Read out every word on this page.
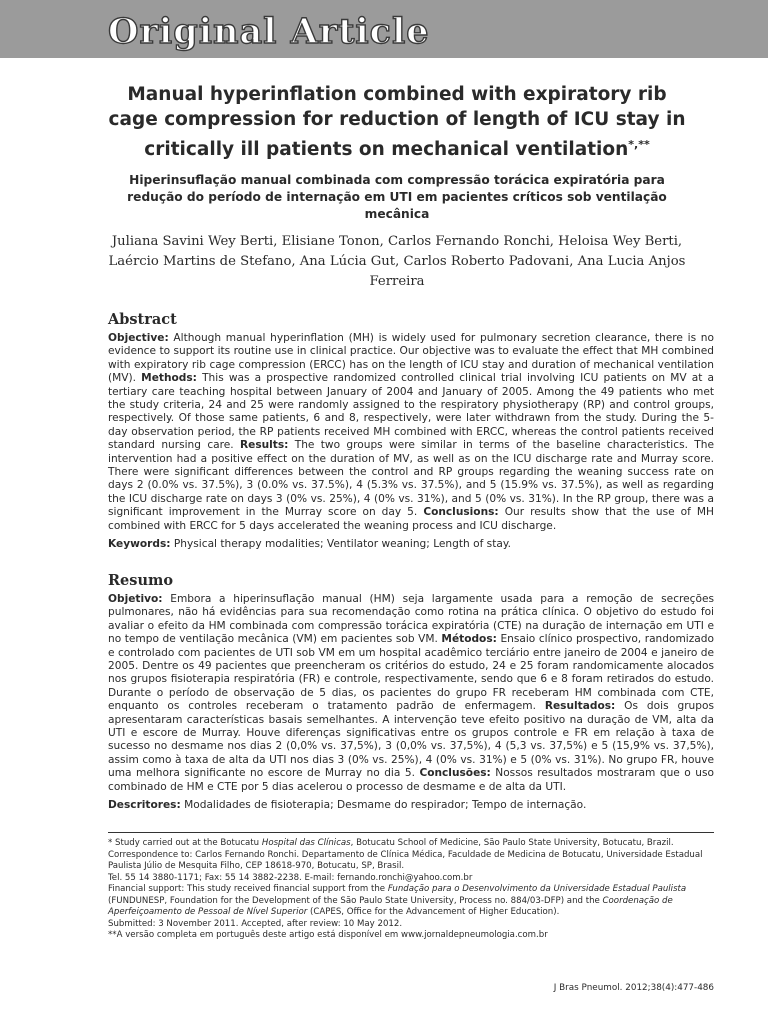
Original Article
Manual hyperinflation combined with expiratory rib cage compression for reduction of length of ICU stay in critically ill patients on mechanical ventilation*,**

Hiperinsuflação manual combinada com compressão torácica expiratória para redução do período de internação em UTI em pacientes críticos sob ventilação mecânica

Juliana Savini Wey Berti, Elisiane Tonon, Carlos Fernando Ronchi, Heloisa Wey Berti, Laércio Martins de Stefano, Ana Lúcia Gut, Carlos Roberto Padovani, Ana Lucia Anjos Ferreira
Abstract

Objective: Although manual hyperinflation (MH) is widely used for pulmonary secretion clearance, there is no evidence to support its routine use in clinical practice. Our objective was to evaluate the effect that MH combined with expiratory rib cage compression (ERCC) has on the length of ICU stay and duration of mechanical ventilation (MV). Methods: This was a prospective randomized controlled clinical trial involving ICU patients on MV at a tertiary care teaching hospital between January of 2004 and January of 2005. Among the 49 patients who met the study criteria, 24 and 25 were randomly assigned to the respiratory physiotherapy (RP) and control groups, respectively. Of those same patients, 6 and 8, respectively, were later withdrawn from the study. During the 5-day observation period, the RP patients received MH combined with ERCC, whereas the control patients received standard nursing care. Results: The two groups were similar in terms of the baseline characteristics. The intervention had a positive effect on the duration of MV, as well as on the ICU discharge rate and Murray score. There were significant differences between the control and RP groups regarding the weaning success rate on days 2 (0.0% vs. 37.5%), 3 (0.0% vs. 37.5%), 4 (5.3% vs. 37.5%), and 5 (15.9% vs. 37.5%), as well as regarding the ICU discharge rate on days 3 (0% vs. 25%), 4 (0% vs. 31%), and 5 (0% vs. 31%). In the RP group, there was a significant improvement in the Murray score on day 5. Conclusions: Our results show that the use of MH combined with ERCC for 5 days accelerated the weaning process and ICU discharge.

Keywords: Physical therapy modalities; Ventilator weaning; Length of stay.

Resumo

Objetivo: Embora a hiperinsuflação manual (HM) seja largamente usada para a remoção de secreções pulmonares, não há evidências para sua recomendação como rotina na prática clínica. O objetivo do estudo foi avaliar o efeito da HM combinada com compressão torácica expiratória (CTE) na duração de internação em UTI e no tempo de ventilação mecânica (VM) em pacientes sob VM. Métodos: Ensaio clínico prospectivo, randomizado e controlado com pacientes de UTI sob VM em um hospital acadêmico terciário entre janeiro de 2004 e janeiro de 2005. Dentre os 49 pacientes que preencheram os critérios do estudo, 24 e 25 foram randomicamente alocados nos grupos fisioterapia respiratória (FR) e controle, respectivamente, sendo que 6 e 8 foram retirados do estudo. Durante o período de observação de 5 dias, os pacientes do grupo FR receberam HM combinada com CTE, enquanto os controles receberam o tratamento padrão de enfermagem. Resultados: Os dois grupos apresentaram características basais semelhantes. A intervenção teve efeito positivo na duração de VM, alta da UTI e escore de Murray. Houve diferenças significativas entre os grupos controle e FR em relação à taxa de sucesso no desmame nos dias 2 (0,0% vs. 37,5%), 3 (0,0% vs. 37,5%), 4 (5,3 vs. 37,5%) e 5 (15,9% vs. 37,5%), assim como à taxa de alta da UTI nos dias 3 (0% vs. 25%), 4 (0% vs. 31%) e 5 (0% vs. 31%). No grupo FR, houve uma melhora significante no escore de Murray no dia 5. Conclusões: Nossos resultados mostraram que o uso combinado de HM e CTE por 5 dias acelerou o processo de desmame e de alta da UTI.

Descritores: Modalidades de fisioterapia; Desmame do respirador; Tempo de internação.

* Study carried out at the Botucatu Hospital das Clínicas, Botucatu School of Medicine, São Paulo State University, Botucatu, Brazil.

Correspondence to: Carlos Fernando Ronchi. Departamento de Clínica Médica, Faculdade de Medicina de Botucatu, Universidade Estadual Paulista Júlio de Mesquita Filho, CEP 18618-970, Botucatu, SP, Brasil.

Tel. 55 14 3880-1171; Fax: 55 14 3882-2238. E-mail: fernando.ronchi@yahoo.com.br

Financial support: This study received financial support from the Fundação para o Desenvolvimento da Universidade Estadual Paulista (FUNDUNESP, Foundation for the Development of the São Paulo State University, Process no. 884/03-DFP) and the Coordenação de Aperfeiçoamento de Pessoal de Nível Superior (CAPES, Office for the Advancement of Higher Education).

Submitted: 3 November 2011. Accepted, after review: 10 May 2012.

**A versão completa em português deste artigo está disponível em www.jornaldepneumologia.com.br

J Bras Pneumol. 2012;38(4):477-486
